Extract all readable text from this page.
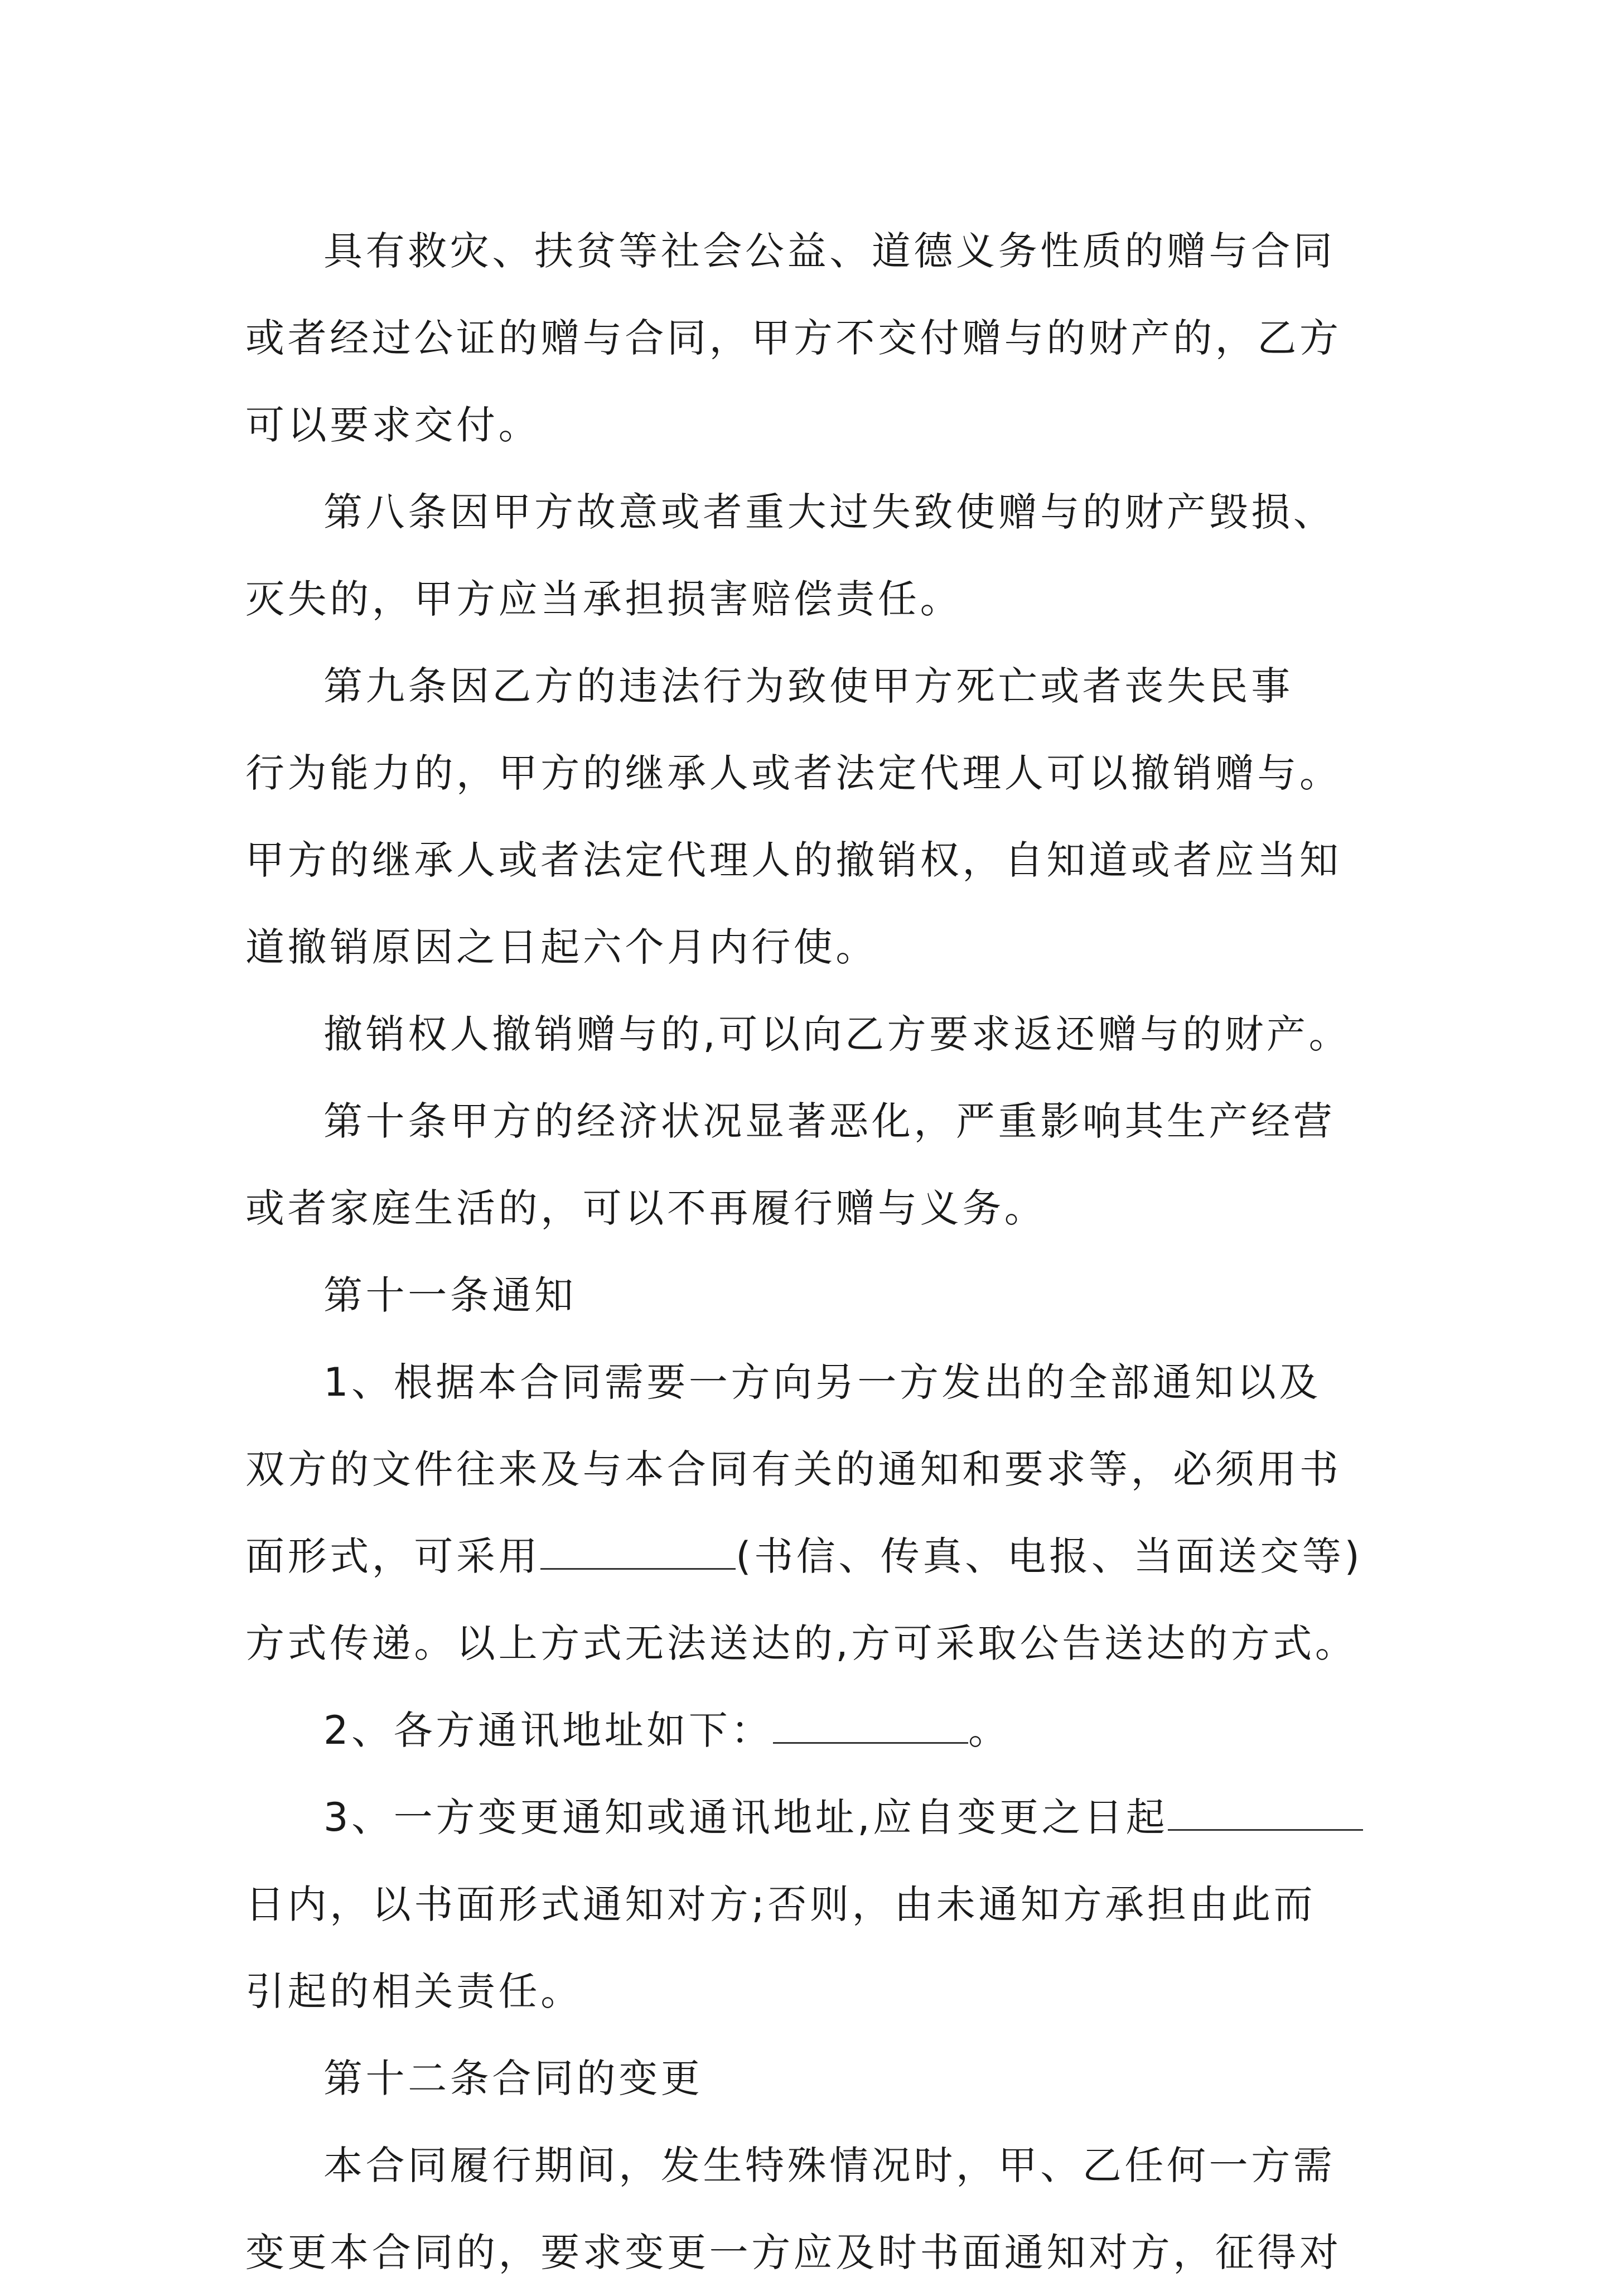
具有救灾、扶贫等社会公益、道德义务性质的赠与合同
或者经过公证的赠与合同，甲方不交付赠与的财产的，乙方
可以要求交付。
第八条因甲方故意或者重大过失致使赠与的财产毁损、
灭失的，甲方应当承担损害赔偿责任。
第九条因乙方的违法行为致使甲方死亡或者丧失民事
行为能力的，甲方的继承人或者法定代理人可以撤销赠与。
甲方的继承人或者法定代理人的撤销权，自知道或者应当知
道撤销原因之日起六个月内行使。
撤销权人撤销赠与的,可以向乙方要求返还赠与的财产。
第十条甲方的经济状况显著恶化，严重影响其生产经营
或者家庭生活的，可以不再履行赠与义务。
第十一条通知
1、根据本合同需要一方向另一方发出的全部通知以及
双方的文件往来及与本合同有关的通知和要求等，必须用书
面形式，可采用	(书信、传真、电报、当面送交等)
方式传递。以上方式无法送达的,方可采取公告送达的方式。
2、各方通讯地址如下：	。
3、一方变更通知或通讯地址,应自变更之日起
日内，以书面形式通知对方;否则，由未通知方承担由此而
引起的相关责任。
第十二条合同的变更
本合同履行期间，发生特殊情况时，甲、乙任何一方需
变更本合同的，要求变更一方应及时书面通知对方，征得对
